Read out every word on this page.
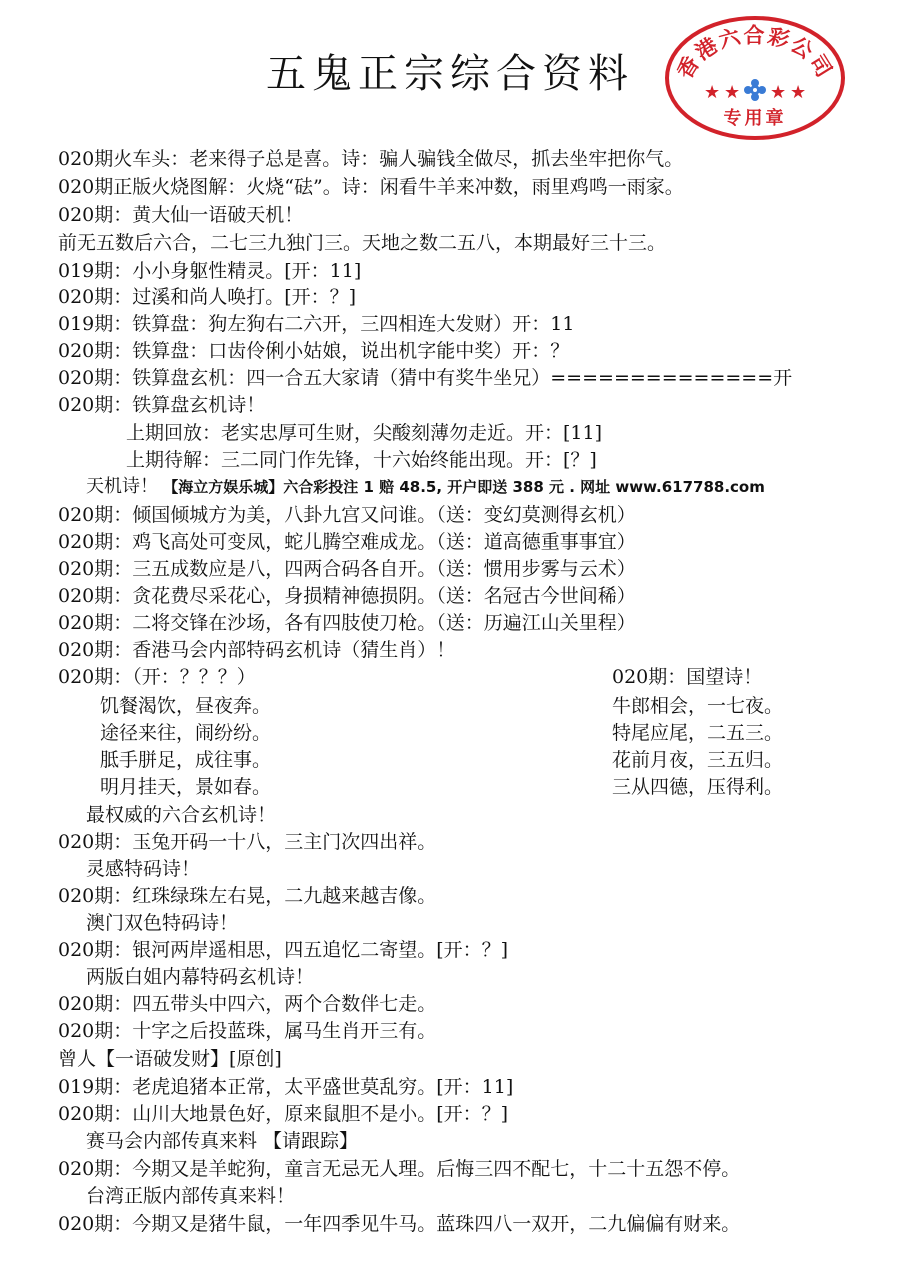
五鬼正宗综合资料	香港六合彩公司
★ ★ ★ ★
专用章
020期火车头：老来得子总是喜。诗：骗人骗钱全做尽，抓去坐牢把你气。
020期正版火烧图解：火烧“砝”。诗：闲看牛羊来冲数，雨里鸡鸣一雨家。
020期：黄大仙一语破天机！
前无五数后六合，二七三九独门三。天地之数二五八，本期最好三十三。
019期：小小身躯性精灵。[开：11]
020期：过溪和尚人唤打。[开：？]
019期：铁算盘：狗左狗右二六开，三四相连大发财）开：11
020期：铁算盘：口齿伶俐小姑娘，说出机字能中奖）开：？
020期：铁算盘玄机：四一合五大家请（猜中有奖牛坐兄）==============开
020期：铁算盘玄机诗！
上期回放：老实忠厚可生财，尖酸刻薄勿走近。开：[11]
上期待解：三二同门作先锋，十六始终能出现。开：[？]
天机诗！ 【海立方娱乐城】六合彩投注 1 赔 48.5, 开户即送 388 元 . 网址 www.617788.com
020期：倾国倾城方为美，八卦九宫又问谁。（送：变幻莫测得玄机）
020期：鸡飞高处可变凤，蛇儿腾空难成龙。（送：道高德重事事宜）
020期：三五成数应是八，四两合码各自开。（送：惯用步雾与云术）
020期：贪花费尽采花心，身损精神德损阴。（送：名冠古今世间稀）
020期：二将交锋在沙场，各有四肢使刀枪。（送：历遍江山关里程）
020期：香港马会内部特码玄机诗（猜生肖）！
020期：（开：？？？）
饥餐渴饮，昼夜奔。
途径来往，闹纷纷。
胝手胼足，成往事。
明月挂天，景如春。
最权威的六合玄机诗！
020期：玉兔开码一十八，三主门次四出祥。
灵感特码诗！
020期：红珠绿珠左右晃，二九越来越吉像。
澳门双色特码诗！
020期：银河两岸遥相思，四五追忆二寄望。[开：？]
两版白姐内幕特码玄机诗！
020期：四五带头中四六，两个合数伴七走。
020期：十字之后投蓝珠，属马生肖开三有。
曾人【一语破发财】[原创]
019期：老虎追猪本正常，太平盛世莫乱穷。[开：11]
020期：山川大地景色好，原来鼠胆不是小。[开：？]
赛马会内部传真来料 【请跟踪】
020期：今期又是羊蛇狗，童言无忌无人理。后悔三四不配七，十二十五怨不停。
台湾正版内部传真来料！
020期：今期又是猪牛鼠，一年四季见牛马。蓝珠四八一双开，二九偏偏有财来。
020期：国望诗！
牛郎相会，一七夜。
特尾应尾，二五三。
花前月夜，三五归。
三从四德，压得利。
